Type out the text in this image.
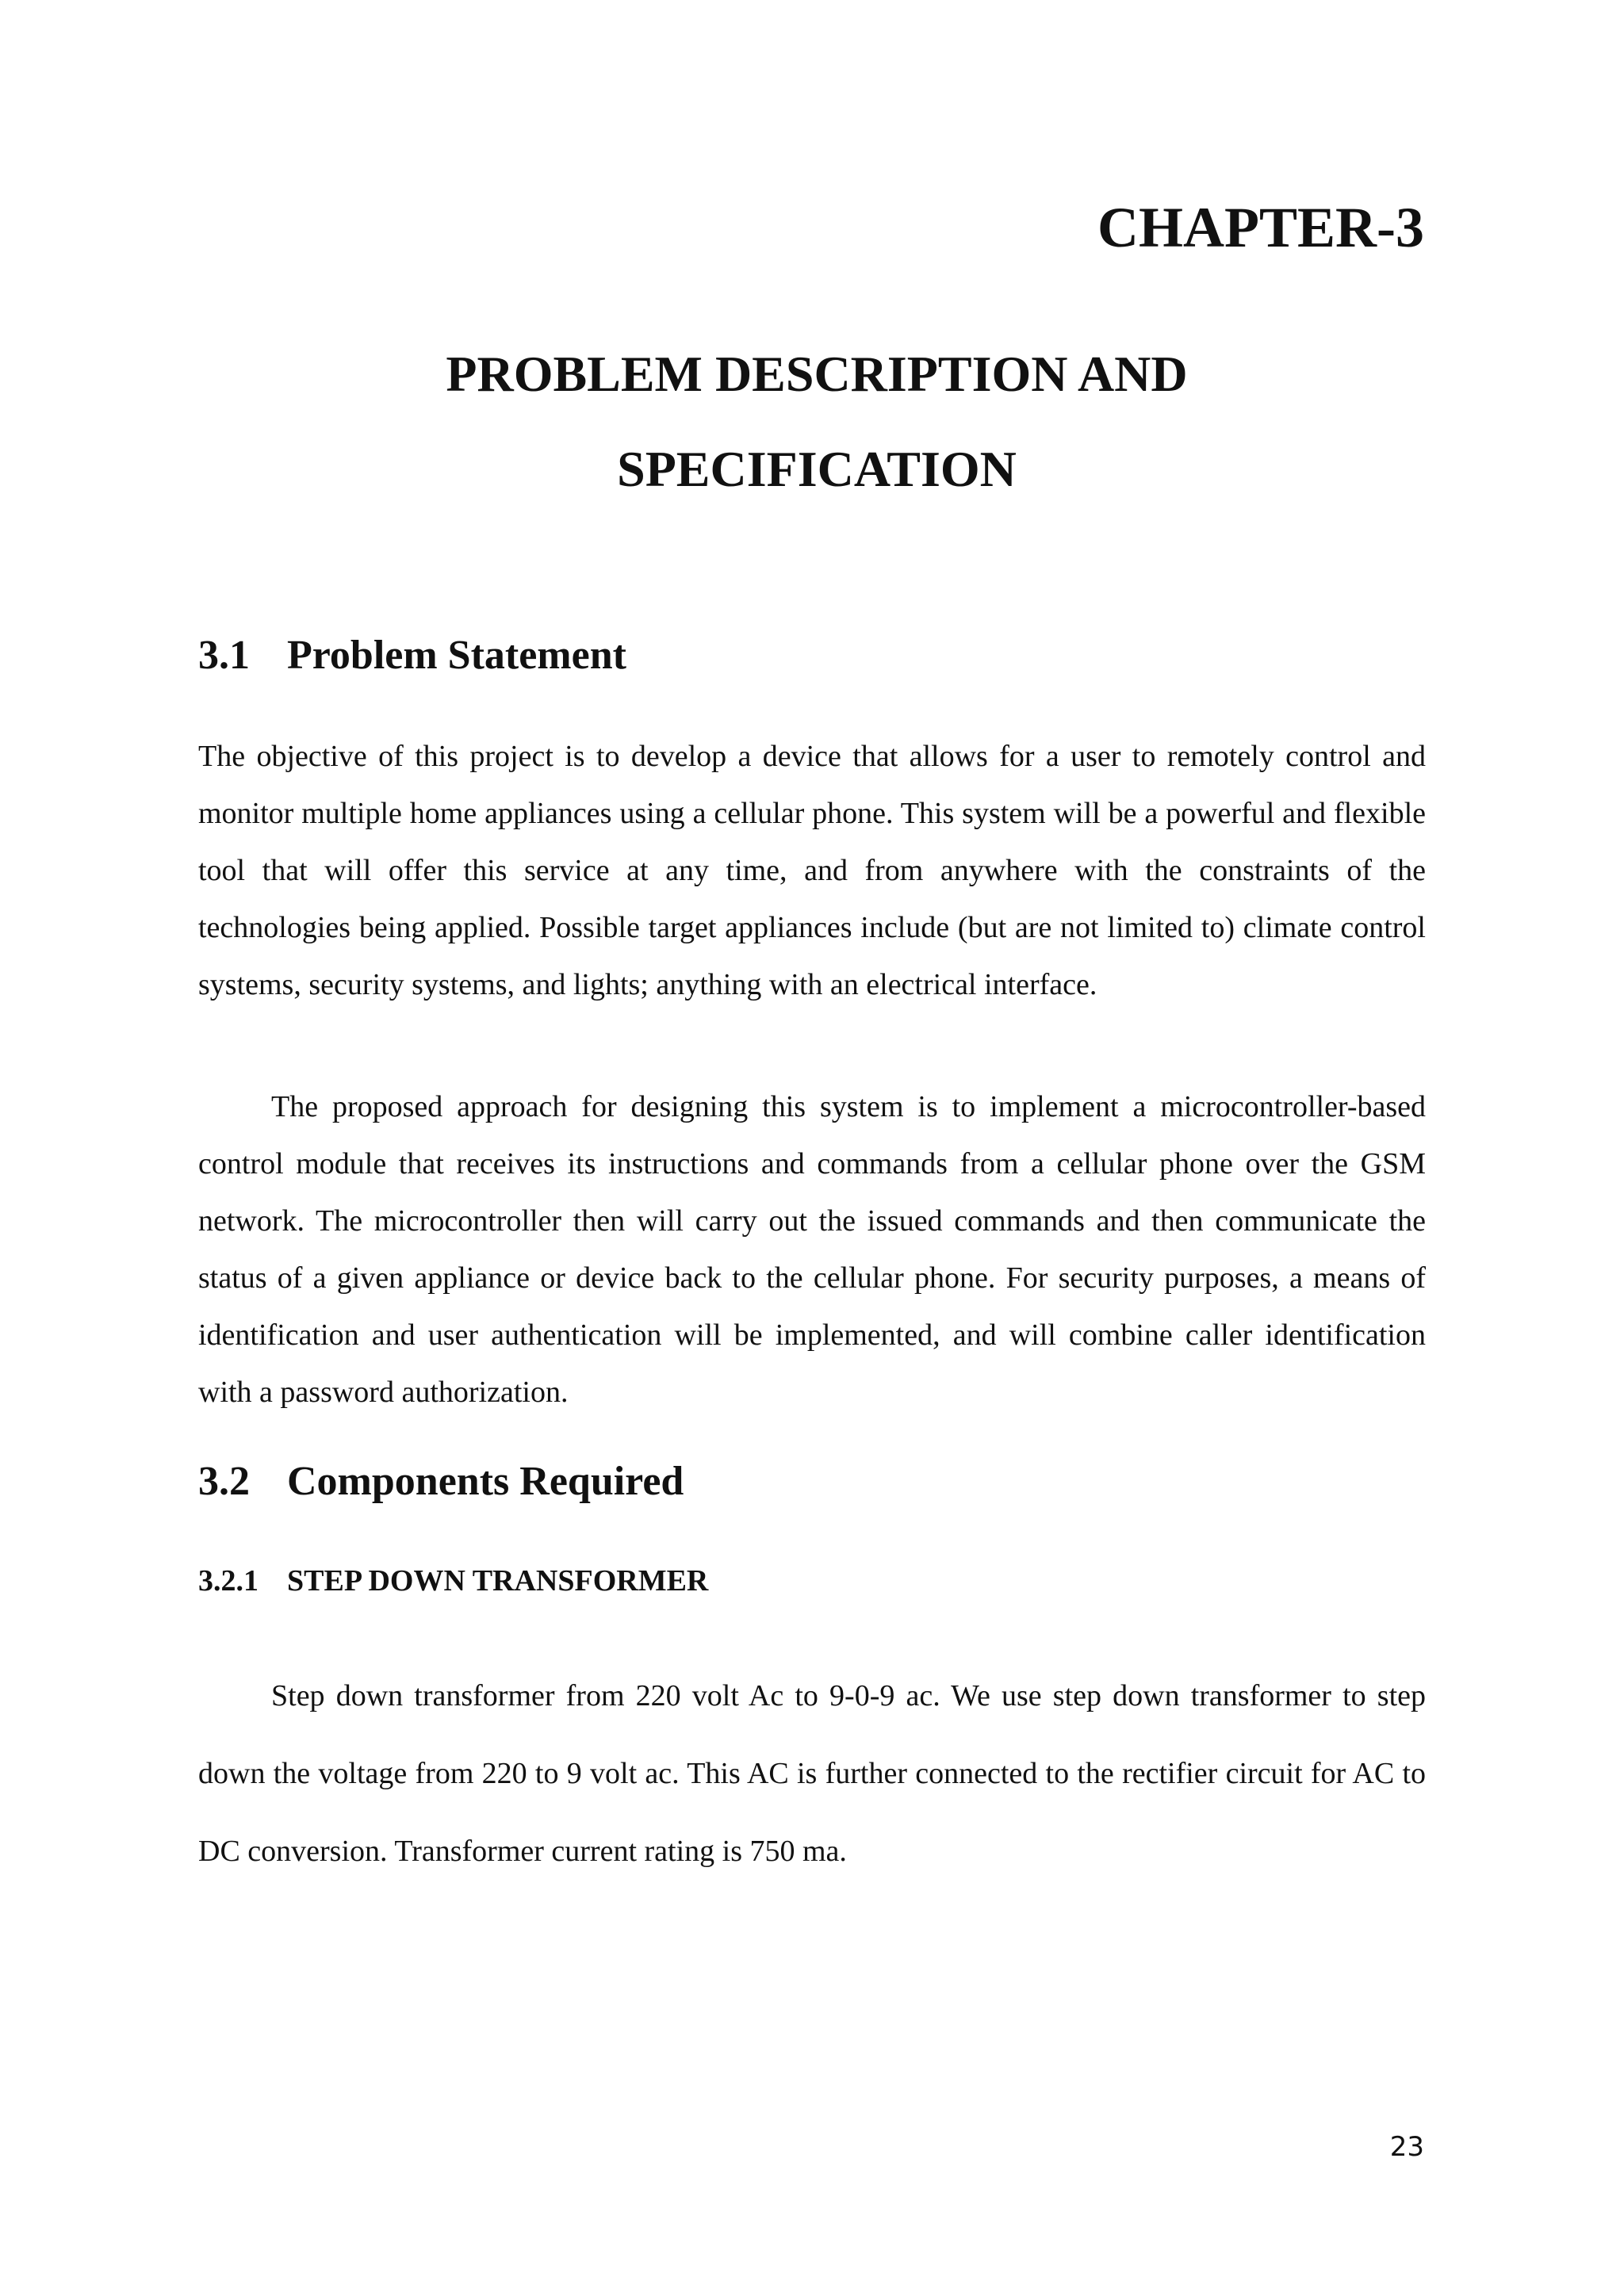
CHAPTER-3
PROBLEM DESCRIPTION AND
SPECIFICATION
3.1 Problem Statement

The objective of this project is to develop a device that allows for a user to remotely control and monitor multiple home appliances using a cellular phone. This system will be a powerful and flexible tool that will offer this service at any time, and from anywhere with the constraints of the technologies being applied. Possible target appliances include (but are not limited to) climate control systems, security systems, and lights; anything with an electrical interface.

The proposed approach for designing this system is to implement a microcontroller-based control module that receives its instructions and commands from a cellular phone over the GSM network. The microcontroller then will carry out the issued commands and then communicate the status of a given appliance or device back to the cellular phone. For security purposes, a means of identification and user authentication will be implemented, and will combine caller identification with a password authorization.

3.2 Components Required
3.2.1 STEP DOWN TRANSFORMER

Step down transformer from 220 volt Ac to 9-0-9 ac. We use step down transformer to step down the voltage from 220 to 9 volt ac. This AC is further connected to the rectifier circuit for AC to DC conversion. Transformer current rating is 750 ma.

23
